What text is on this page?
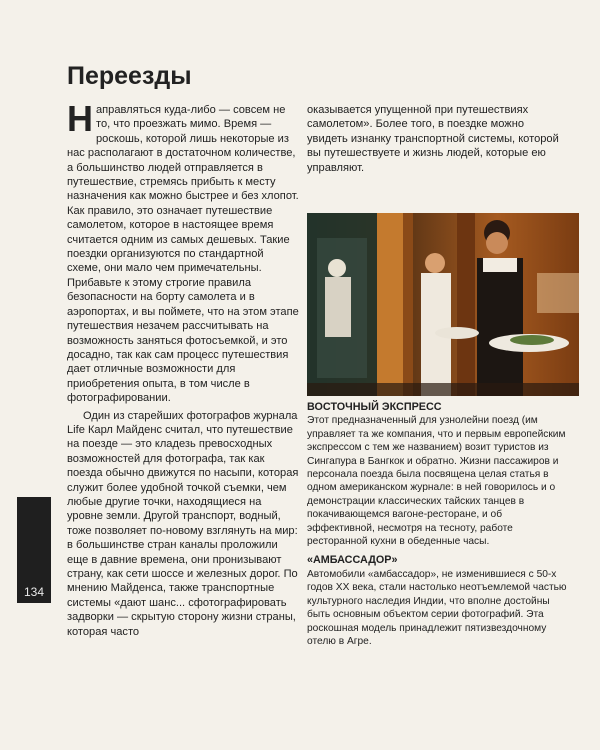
Переезды

Направляться куда-либо — совсем не то, что проезжать мимо. Время — роскошь, которой лишь некоторые из нас располагают в достаточном количестве, а большинство людей отправляется в путешествие, стремясь прибыть к месту назначения как можно быстрее и без хлопот. Как правило, это означает путешествие самолетом, которое в настоящее время считается одним из самых дешевых. Такие поездки организуются по стандартной схеме, они мало чем примечательны. Прибавьте к этому строгие правила безопасности на борту самолета и в аэропортах, и вы поймете, что на этом этапе путешествия незачем рассчитывать на возможность заняться фотосъемкой, и это досадно, так как сам процесс путешествия дает отличные возможности для приобретения опыта, в том числе в фотографировании.

Один из старейших фотографов журнала Life Карл Майденс считал, что путешествие на поезде — это кладезь превосходных возможностей для фотографа, так как поезда обычно движутся по насыпи, которая служит более удобной точкой съемки, чем любые другие точки, находящиеся на уровне земли. Другой транспорт, водный, тоже позволяет по-новому взглянуть на мир: в большинстве стран каналы проложили еще в давние времена, они пронизывают страну, как сети шоссе и железных дорог. По мнению Майденса, также транспортные системы «дают шанс... сфотографировать задворки — скрытую сторону жизни страны, которая часто

оказывается упущенной при путешествиях самолетом». Более того, в поездке можно увидеть изнанку транспортной системы, которой вы путешествуете и жизнь людей, которые ею управляют.

ВОСТОЧНЫЙ ЭКСПРЕСС

Этот предназначенный для узнолейни поезд (им управляет та же компания, что и первым европейским экспрессом с тем же названием) возит туристов из Сингапура в Бангкок и обратно. Жизни пассажиров и персонала поезда была посвящена целая статья в одном американском журнале: в ней говорилось и о демонстрации классических тайских танцев в покачивающемся вагоне-ресторане, и об эффективной, несмотря на тесноту, работе ресторанной кухни в обеденные часы.

«АМБАССАДОР»

Автомобили «амбассадор», не изменившиеся с 50-х годов XX века, стали настолько неотъемлемой частью культурного наследия Индии, что вполне достойны быть основным объектом серии фотографий. Эта роскошная модель принадлежит пятизвездочному отелю в Агре.

134
